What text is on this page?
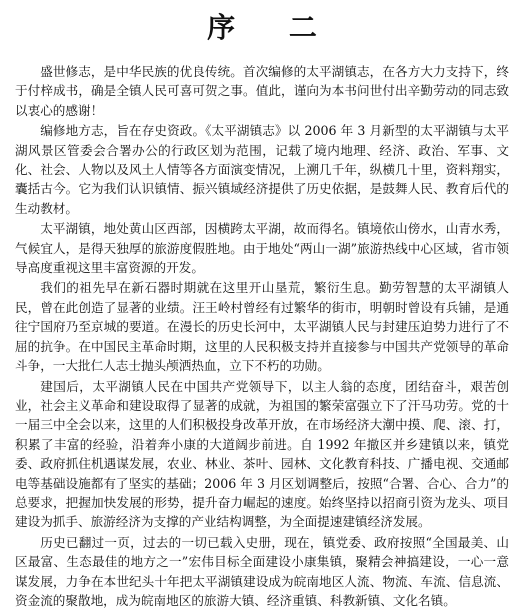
序 二

盛世修志，是中华民族的优良传统。首次编修的太平湖镇志，在各方大力支持下，终于付梓成书，确是全镇人民可喜可贺之事。值此，谨向为本书问世付出辛勤劳动的同志致以衷心的感谢！

编修地方志，旨在存史资政。《太平湖镇志》以 2006 年 3 月新型的太平湖镇与太平湖风景区管委会合署办公的行政区划为范围，记载了境内地理、经济、政治、军事、文化、社会、人物以及风土人情等各方面演变情况，上溯几千年，纵横几十里，资料翔实，囊括古今。它为我们认识镇情、振兴镇域经济提供了历史依据，是鼓舞人民、教育后代的生动教材。

太平湖镇，地处黄山区西部，因横跨太平湖，故而得名。镇境依山傍水，山青水秀，气候宜人，是得天独厚的旅游度假胜地。由于地处“两山一湖”旅游热线中心区域，省市领导高度重视这里丰富资源的开发。

我们的祖先早在新石器时期就在这里开山垦荒，繁衍生息。勤劳智慧的太平湖镇人民，曾在此创造了显著的业绩。汪王岭村曾经有过繁华的街市，明朝时曾设有兵铺，是通往宁国府乃至京城的要道。在漫长的历史长河中，太平湖镇人民与封建压迫势力进行了不屈的抗争。在中国民主革命时期，这里的人民积极支持并直接参与中国共产党领导的革命斗争，一大批仁人志士抛头颅洒热血，立下不朽的功勋。

建国后，太平湖镇人民在中国共产党领导下，以主人翁的态度，团结奋斗，艰苦创业，社会主义革命和建设取得了显著的成就，为祖国的繁荣富强立下了汗马功劳。党的十一届三中全会以来，这里的人们积极投身改革开放，在市场经济大潮中摸、爬、滚、打，积累了丰富的经验，沿着奔小康的大道阔步前进。自 1992 年撤区并乡建镇以来，镇党委、政府抓住机遇谋发展，农业、林业、茶叶、园林、文化教育科技、广播电视、交通邮电等基础设施都有了坚实的基础；2006 年 3 月区划调整后，按照“合署、合心、合力”的总要求，把握加快发展的形势，提升奋力崛起的速度。始终坚持以招商引资为龙头、项目建设为抓手、旅游经济为支撑的产业结构调整，为全面提速建镇经济发展。

历史已翻过一页，过去的一切已载入史册，现在，镇党委、政府按照“全国最美、山区最富、生态最佳的地方之一”宏伟目标全面建设小康集镇，聚精会神搞建设，一心一意谋发展，力争在本世纪头十年把太平湖镇建设成为皖南地区人流、物流、车流、信息流、资金流的聚散地，成为皖南地区的旅游大镇、经济重镇、科教新镇、文化名镇。
